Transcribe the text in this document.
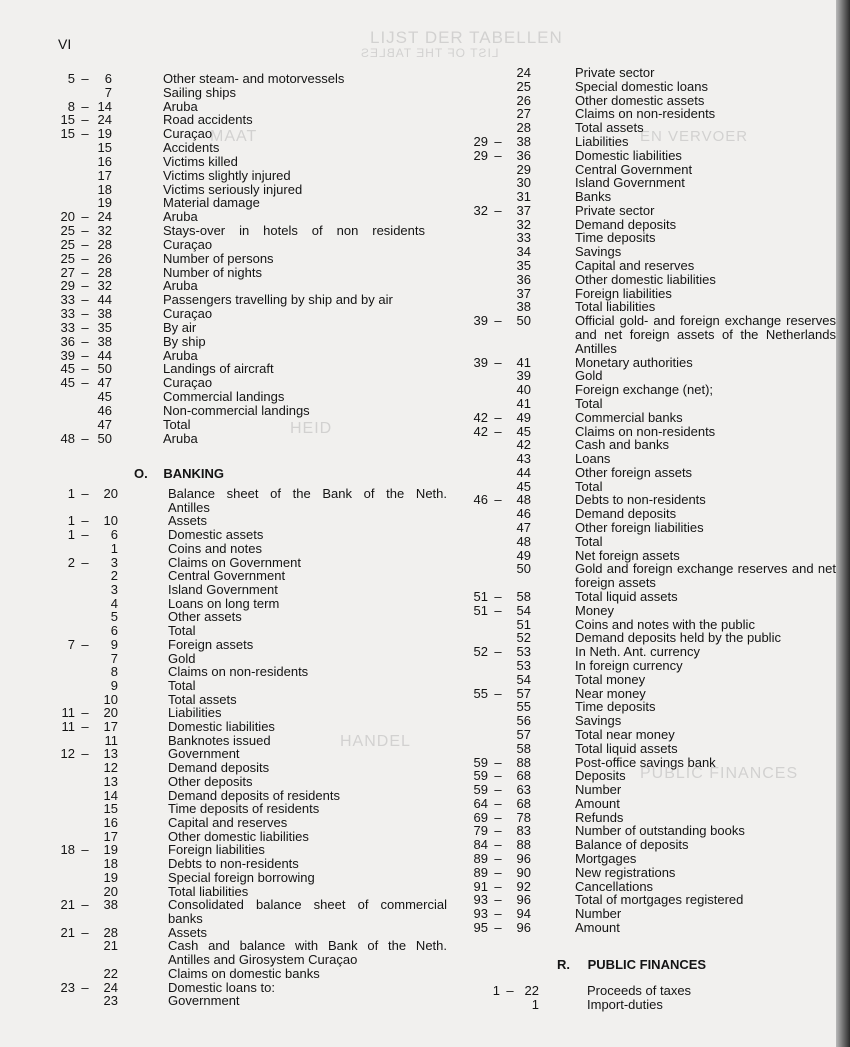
LIJST DER TABELLEN
LIST OF THE TABLES
EN VERVOER
MAAT
HEID
HANDEL
PUBLIC FINANCES
VI
5 –	6	Other steam- and motorvessels
7	Sailing ships
8 – 14	Aruba
15 – 24	Road accidents
15 – 19	Curaçao
15	Accidents
16	Victims killed
17	Victims slightly injured
18	Victims seriously injured
19	Material damage
20 – 24	Aruba
25 – 32	Stays-over in hotels of non residents
25 – 28	Curaçao
25 – 26	Number of persons
27 – 28	Number of nights
29 – 32	Aruba
33 – 44	Passengers travelling by ship and by air
33 – 38	Curaçao
33 – 35	By air
36 – 38	By ship
39 – 44	Aruba
45 – 50	Landings of aircraft
45 – 47	Curaçao
45	Commercial landings
46	Non-commercial landings
47	Total
48 – 50	Aruba
O. BANKING
1 –	20	Balance sheet of the Bank of the Neth.
Antilles
1 –	10	Assets
1 –	6	Domestic assets
1	Coins and notes
2 –	3	Claims on Government
2	Central Government
3	Island Government
4	Loans on long term
5	Other assets
6	Total
7 –	9	Foreign assets
7	Gold
8	Claims on non-residents
9	Total
10	Total assets
11 –	20	Liabilities
11 –	17	Domestic liabilities
11	Banknotes issued
12 –	13	Government
12	Demand deposits
13	Other deposits
14	Demand deposits of residents
15	Time deposits of residents
16	Capital and reserves
17	Other domestic liabilities
18 –	19	Foreign liabilities
18	Debts to non-residents
19	Special foreign borrowing
20	Total liabilities
21 –	38	Consolidated balance sheet of commercial
banks
21 –	28	Assets
21	Cash and balance with Bank of the Neth.
Antilles and Girosystem Curaçao
22	Claims on domestic banks
23 –	24	Domestic loans to:
23	Government
24	Private sector
25	Special domestic loans
26	Other domestic assets
27	Claims on non-residents
28	Total assets
29 –	38	Liabilities
29 –	36	Domestic liabilities
29	Central Government
30	Island Government
31	Banks
32 –	37	Private sector
32	Demand deposits
33	Time deposits
34	Savings
35	Capital and reserves
36	Other domestic liabilities
37	Foreign liabilities
38	Total liabilities
39 –	50	Official gold- and foreign exchange reserves
and net foreign assets of the Netherlands
Antilles
39 –	41	Monetary authorities
39	Gold
40	Foreign exchange (net);
41	Total
42 –	49	Commercial banks
42 –	45	Claims on non-residents
42	Cash and banks
43	Loans
44	Other foreign assets
45	Total
46 –	48	Debts to non-residents
46	Demand deposits
47	Other foreign liabilities
48	Total
49	Net foreign assets
50	Gold and foreign exchange reserves and net
foreign assets
51 –	58	Total liquid assets
51 –	54	Money
51	Coins and notes with the public
52	Demand deposits held by the public
52 –	53	In Neth. Ant. currency
53	In foreign currency
54	Total money
55 –	57	Near money
55	Time deposits
56	Savings
57	Total near money
58	Total liquid assets
59 –	88	Post-office savings bank
59 –	68	Deposits
59 –	63	Number
64 –	68	Amount
69 –	78	Refunds
79 –	83	Number of outstanding books
84 –	88	Balance of deposits
89 –	96	Mortgages
89 –	90	New registrations
91 –	92	Cancellations
93 –	96	Total of mortgages registered
93 –	94	Number
95 –	96	Amount
R. PUBLIC FINANCES
1 – 22	Proceeds of taxes
1	Import-duties
